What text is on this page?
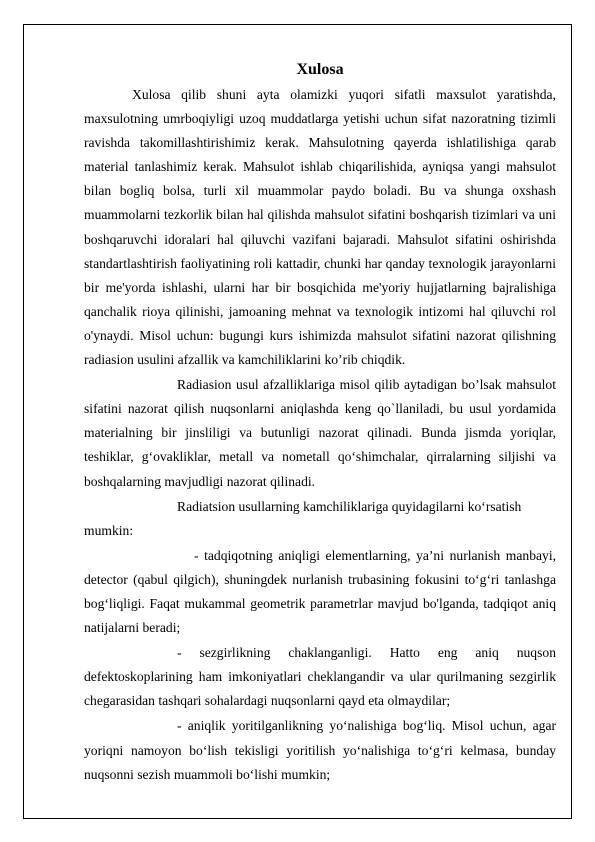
Xulosa

Xulosa qilib shuni ayta olamizki yuqori sifatli maxsulot yaratishda, maxsulotning umrboqiyligi uzoq muddatlarga yetishi uchun sifat nazoratning tizimli ravishda takomillashtirishimiz kerak. Mahsulotning qayerda ishlatilishiga qarab material tanlashimiz kerak. Mahsulot ishlab chiqarilishida, ayniqsa yangi mahsulot bilan bogliq bolsa, turli xil muammolar paydo boladi. Bu va shunga oxshash muammolarni tezkorlik bilan hal qilishda mahsulot sifatini boshqarish tizimlari va uni boshqaruvchi idoralari hal qiluvchi vazifani bajaradi. Mahsulot sifatini oshirishda standartlashtirish faoliyatining roli kattadir, chunki har qanday texnologik jarayonlarni bir me'yorda ishlashi, ularni har bir bosqichida me'yoriy hujjatlarning bajralishiga qanchalik rioya qilinishi, jamoaning mehnat va texnologik intizomi hal qiluvchi rol o'ynaydi. Misol uchun: bugungi kurs ishimizda mahsulot sifatini nazorat qilishning radiasion usulini afzallik va kamchiliklarini ko’rib chiqdik.

Radiasion usul afzalliklariga misol qilib aytadigan bo’lsak mahsulot sifatini nazorat qilish nuqsonlarni aniqlashda keng qo`llaniladi, bu usul yordamida materialning bir jinsliligi va butunligi nazorat qilinadi. Bunda jismda yoriqlar, teshiklar, g‘ovakliklar, metall va nometall qo‘shimchalar, qirralarning siljishi va boshqalarning mavjudligi nazorat qilinadi.

Radiatsion usullarning kamchiliklariga quyidagilarni ko‘rsatish mumkin:

- tadqiqotning aniqligi elementlarning, ya’ni nurlanish manbayi, detector (qabul qilgich), shuningdek nurlanish trubasining fokusini to‘g‘ri tanlashga bog‘liqligi. Faqat mukammal geometrik parametrlar mavjud bo'lganda, tadqiqot aniq natijalarni beradi;

- sezgirlikning chaklanganligi. Hatto eng aniq nuqson defektoskoplarining ham imkoniyatlari cheklangandir va ular qurilmaning sezgirlik chegarasidan tashqari sohalardagi nuqsonlarni qayd eta olmaydilar;

- aniqlik yoritilganlikning yo‘nalishiga bog‘liq. Misol uchun, agar yoriqni namoyon bo‘lish tekisligi yoritilish yo‘nalishiga to‘g‘ri kelmasa, bunday nuqsonni sezish muammoli bo‘lishi mumkin;
